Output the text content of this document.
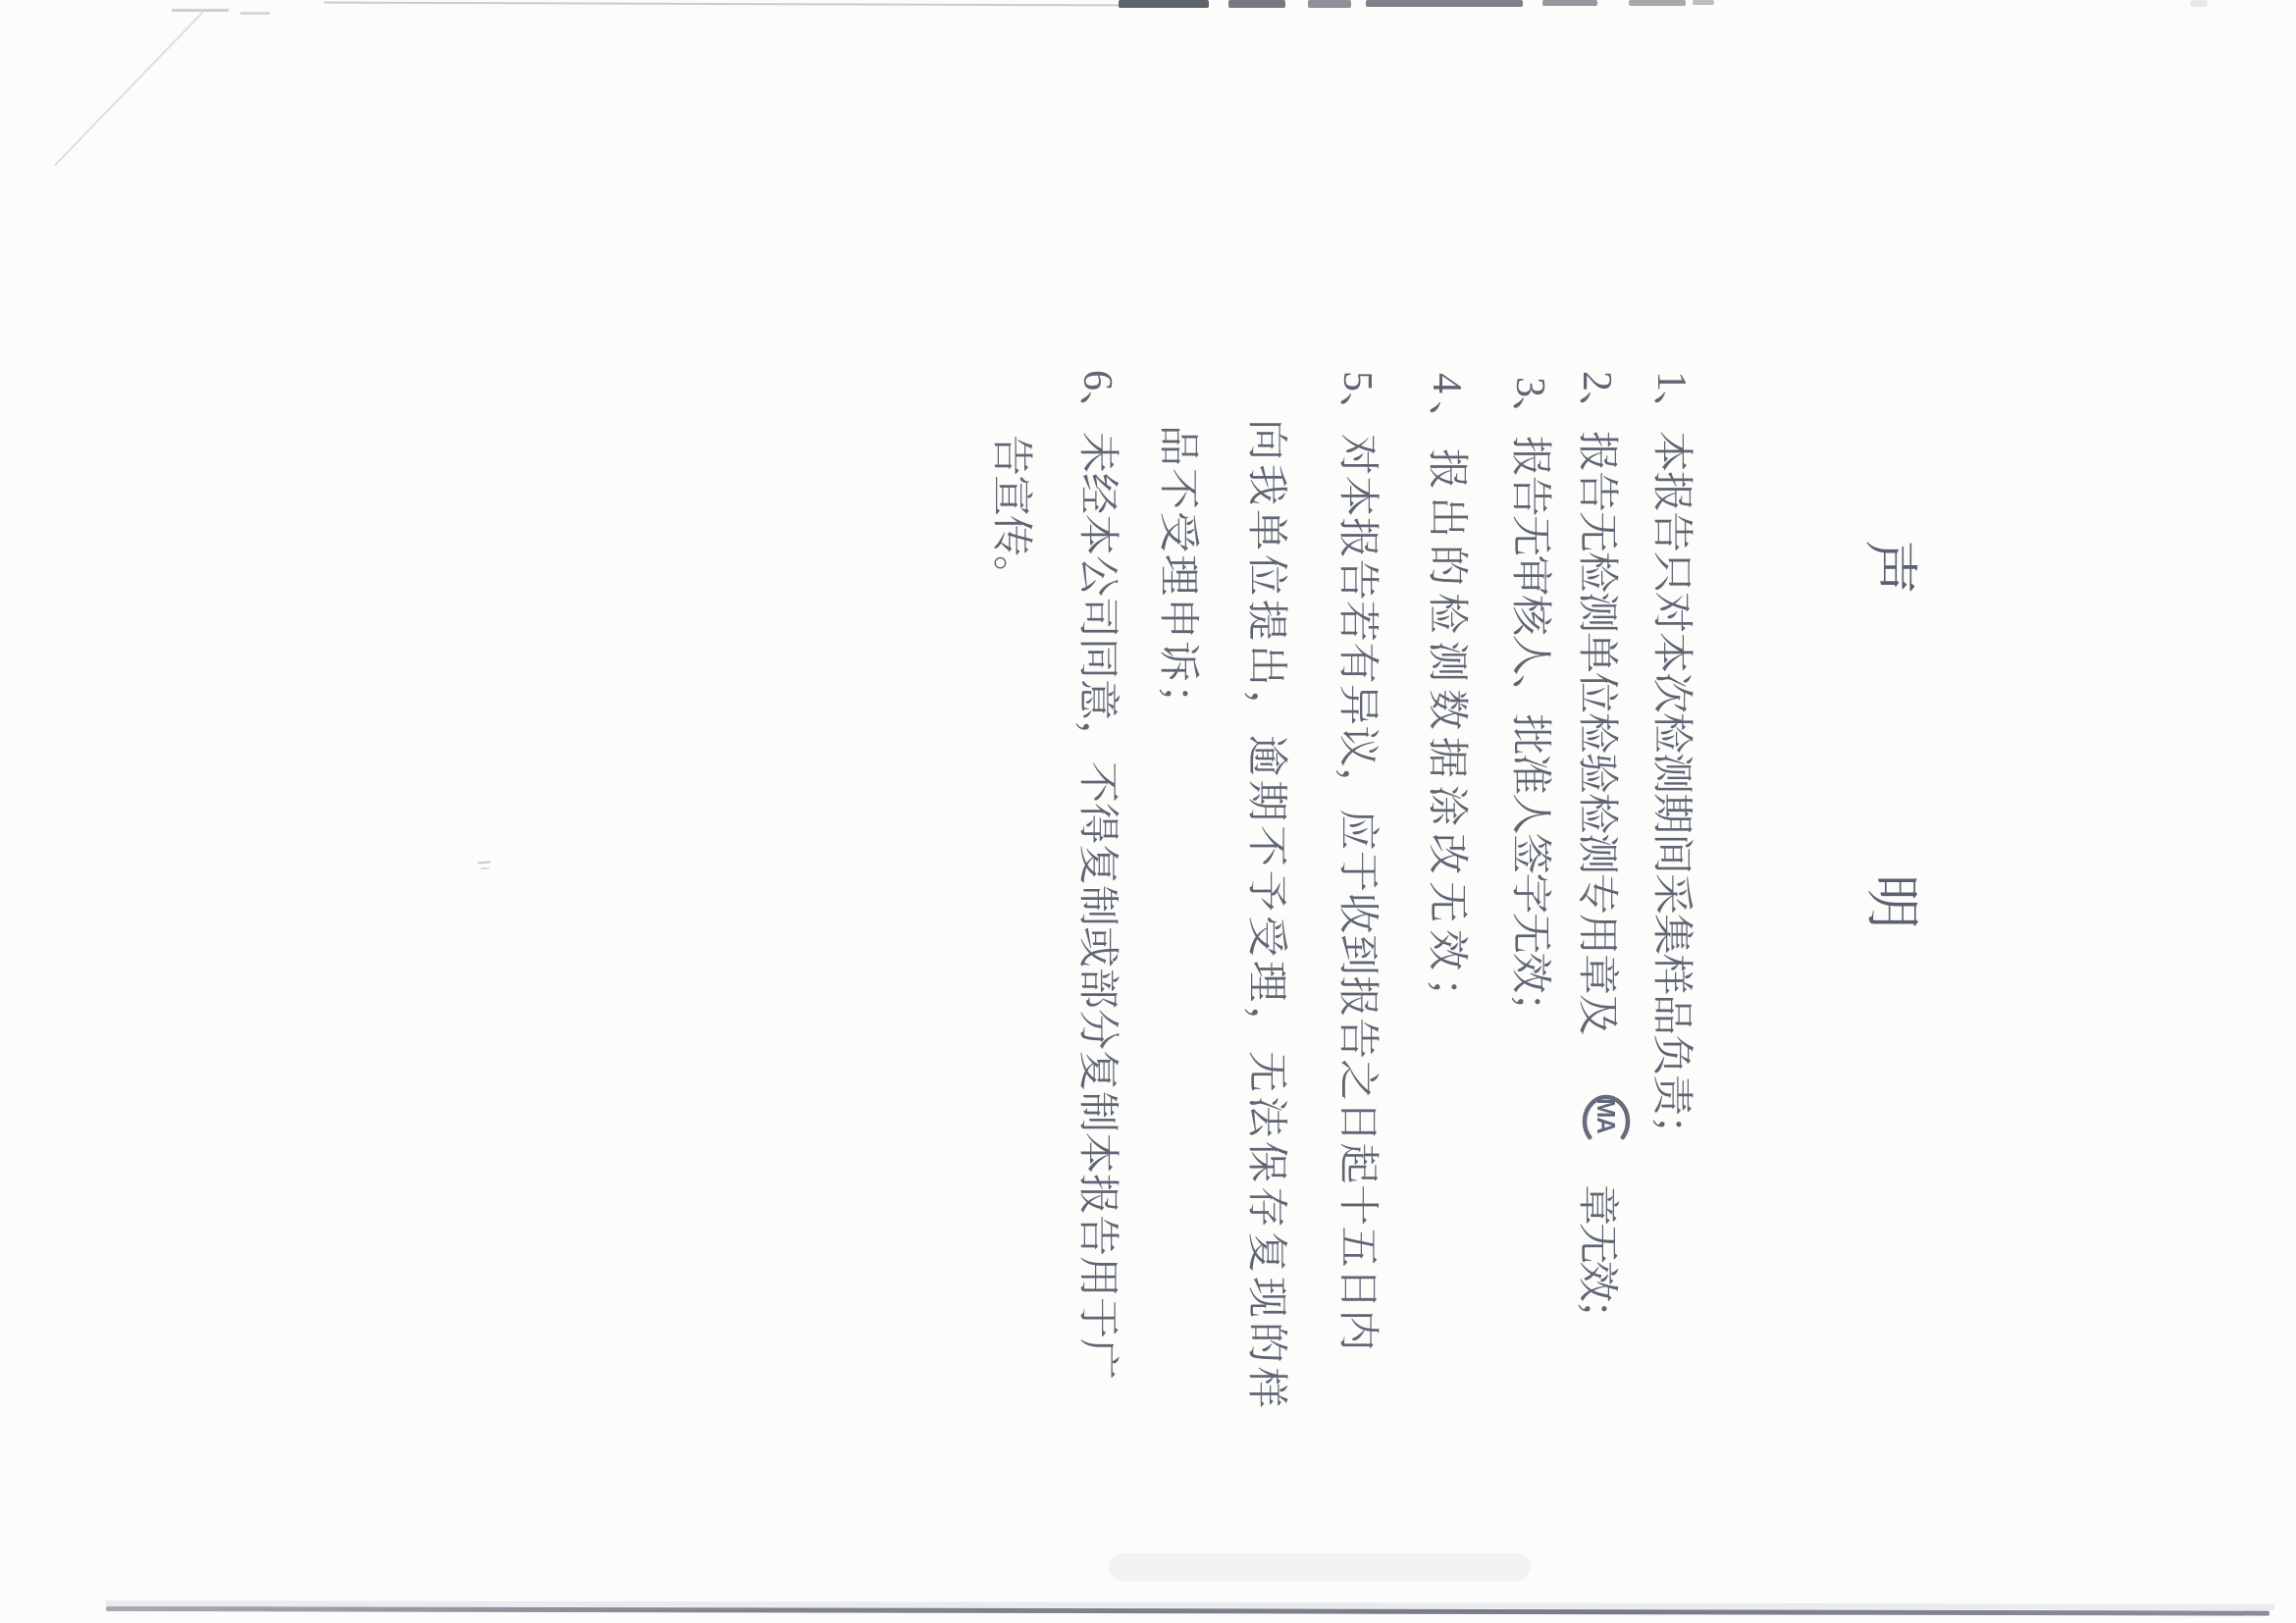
声
明
1、本报告只对本次检测期间采集样品负责；
2、报告无检测单位检验检测专用章及
MA
章无效；
3、报告无审核人、批准人签字无效；
4、报出的检测数据涂改无效；
5、对本报告若有异议，应于收到报告之日起十五日内
向我单位提出，逾期不予受理，无法保存复现的样
品不受理申诉；
6、未经本公司同意，不得复制或部分复制本报告用于广
告宣传。
